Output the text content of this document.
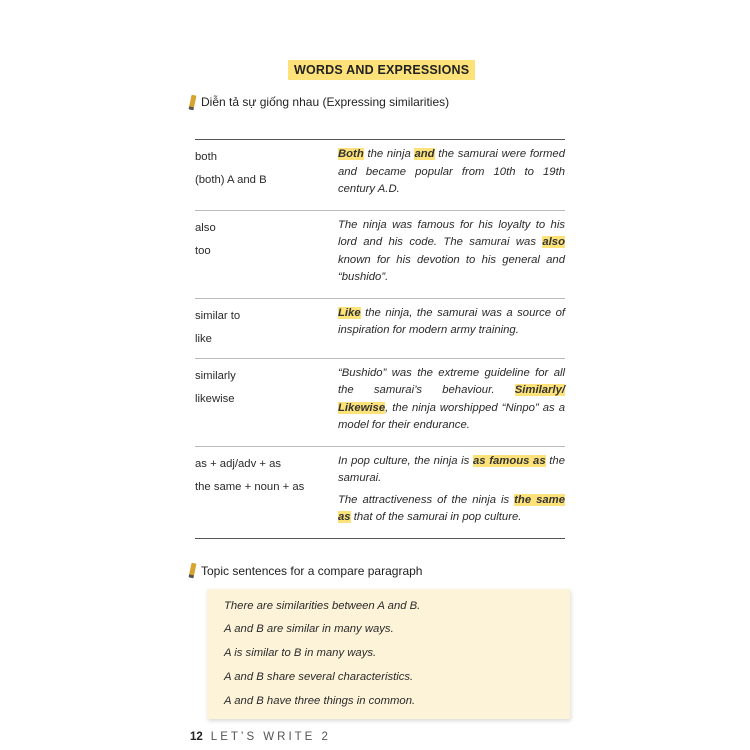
WORDS AND EXPRESSIONS
Diễn tả sự giống nhau (Expressing similarities)
both
(both) A and B

Both the ninja and the samurai were formed and became popular from 10th to 19th century A.D.

also
too

The ninja was famous for his loyalty to his lord and his code. The samurai was also known for his devotion to his general and “bushido”.

similar to
like

Like the ninja, the samurai was a source of inspiration for modern army training.

similarly
likewise

“Bushido” was the extreme guideline for all the samurai’s behaviour. Similarly/ Likewise, the ninja worshipped “Ninpo” as a model for their endurance.

as + adj/adv + as
the same + noun + as

In pop culture, the ninja is as famous as the samurai.

The attractiveness of the ninja is the same as that of the samurai in pop culture.

Topic sentences for a compare paragraph
There are similarities between A and B.
A and B are similar in many ways.
A is similar to B in many ways.
A and B share several characteristics.
A and B have three things in common.
12 LET’S WRITE 2
